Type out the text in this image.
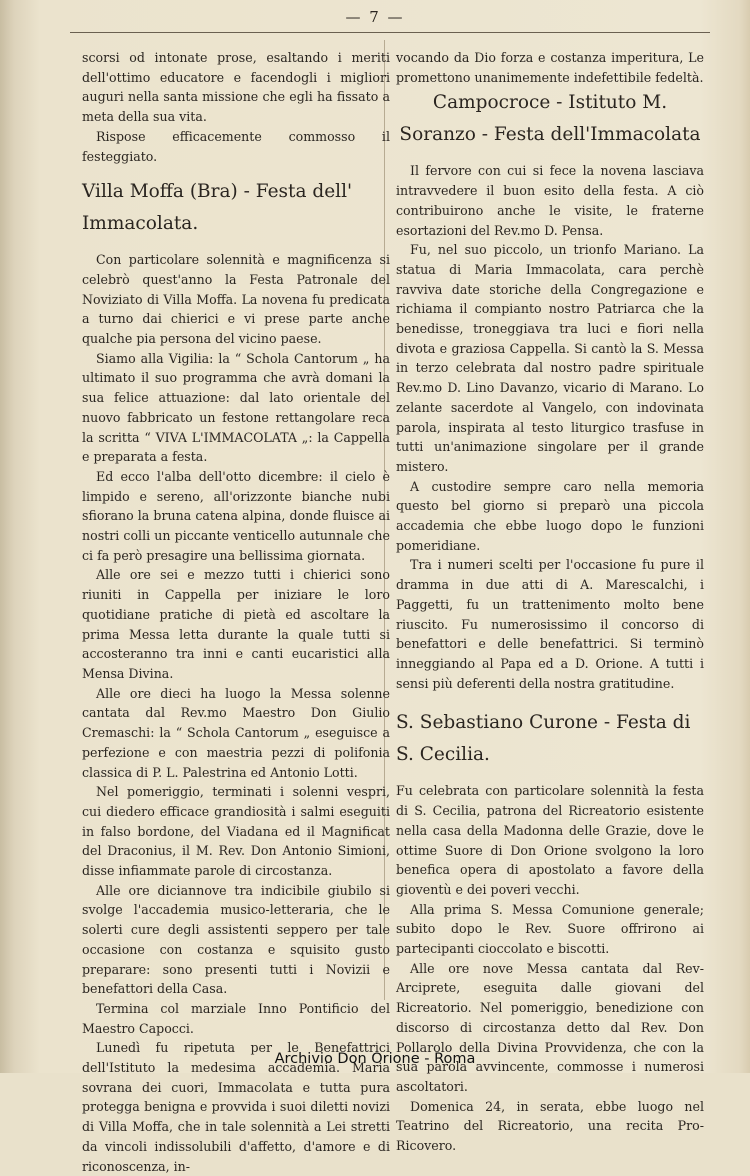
— 7 —

scorsi od intonate prose, esaltando i meriti dell'ottimo educatore e facendogli i migliori auguri nella santa missione che egli ha fissato a meta della sua vita.

Rispose efficacemente commosso il festeggiato.

Villa Moffa (Bra) - Festa dell' Immacolata.

Con particolare solennità e magnificenza si celebrò quest'anno la Festa Patronale del Noviziato di Villa Moffa. La novena fu predicata a turno dai chierici e vi prese parte anche qualche pia persona del vicino paese.

Siamo alla Vigilia: la “ Schola Cantorum „ ha ultimato il suo programma che avrà domani la sua felice attuazione: dal lato orientale del nuovo fabbricato un festone rettangolare reca la scritta “ VIVA L'IMMACOLATA „: la Cappella e preparata a festa.

Ed ecco l'alba dell'otto dicembre: il cielo è limpido e sereno, all'orizzonte bianche nubi sfiorano la bruna catena alpina, donde fluisce ai nostri colli un piccante venticello autunnale che ci fa però presagire una bellissima giornata.

Alle ore sei e mezzo tutti i chierici sono riuniti in Cappella per iniziare le loro quotidiane pratiche di pietà ed ascoltare la prima Messa letta durante la quale tutti si accosteranno tra inni e canti eucaristici alla Mensa Divina.

Alle ore dieci ha luogo la Messa solenne cantata dal Rev.mo Maestro Don Giulio Cremaschi: la “ Schola Cantorum „ eseguisce a perfezione e con maestria pezzi di polifonia classica di P. L. Palestrina ed Antonio Lotti.

Nel pomeriggio, terminati i solenni vespri, cui diedero efficace grandiosità i salmi eseguiti in falso bordone, del Viadana ed il Magnificat del Draconius, il M. Rev. Don Antonio Simioni, disse infiammate parole di circostanza.

Alle ore diciannove tra indicibile giubilo si svolge l'accademia musico-letteraria, che le solerti cure degli assistenti seppero per tale occasione con costanza e squisito gusto preparare: sono presenti tutti i Novizii e benefattori della Casa.

Termina col marziale Inno Pontificio del Maestro Capocci.

Lunedì fu ripetuta per le Benefattrici dell'Istituto la medesima accademia. Maria sovrana dei cuori, Immacolata e tutta pura protegga benigna e provvida i suoi diletti novizi di Villa Moffa, che in tale solennità a Lei stretti da vincoli indissolubili d'affetto, d'amore e di riconoscenza, in-

vocando da Dio forza e costanza imperitura, Le promettono unanimemente indefettibile fedeltà.

Campocroce - Istituto M. Soranzo - Festa dell'Immacolata

Il fervore con cui si fece la novena lasciava intravvedere il buon esito della festa. A ciò contribuirono anche le visite, le fraterne esortazioni del Rev.mo D. Pensa.

Fu, nel suo piccolo, un trionfo Mariano. La statua di Maria Immacolata, cara perchè ravviva date storiche della Congregazione e richiama il compianto nostro Patriarca che la benedisse, troneggiava tra luci e fiori nella divota e graziosa Cappella. Si cantò la S. Messa in terzo celebrata dal nostro padre spirituale Rev.mo D. Lino Davanzo, vicario di Marano. Lo zelante sacerdote al Vangelo, con indovinata parola, inspirata al testo liturgico trasfuse in tutti un'animazione singolare per il grande mistero.

A custodire sempre caro nella memoria questo bel giorno si preparò una piccola accademia che ebbe luogo dopo le funzioni pomeridiane.

Tra i numeri scelti per l'occasione fu pure il dramma in due atti di A. Marescalchi, i Paggetti, fu un trattenimento molto bene riuscito. Fu numerosissimo il concorso di benefattori e delle benefattrici. Si terminò inneggiando al Papa ed a D. Orione. A tutti i sensi più deferenti della nostra gratitudine.

S. Sebastiano Curone - Festa di S. Cecilia.

Fu celebrata con particolare solennità la festa di S. Cecilia, patrona del Ricreatorio esistente nella casa della Madonna delle Grazie, dove le ottime Suore di Don Orione svolgono la loro benefica opera di apostolato a favore della gioventù e dei poveri vecchi.

Alla prima S. Messa Comunione generale; subito dopo le Rev. Suore offrirono ai partecipanti cioccolato e biscotti.

Alle ore nove Messa cantata dal Rev- Arciprete, eseguita dalle giovani del Ricreatorio. Nel pomeriggio, benedizione con discorso di circostanza detto dal Rev. Don Pollarolo della Divina Provvidenza, che con la sua parola avvincente, commosse i numerosi ascoltatori.

Domenica 24, in serata, ebbe luogo nel Teatrino del Ricreatorio, una recita Pro-Ricovero.

Archivio Don Orione - Roma
